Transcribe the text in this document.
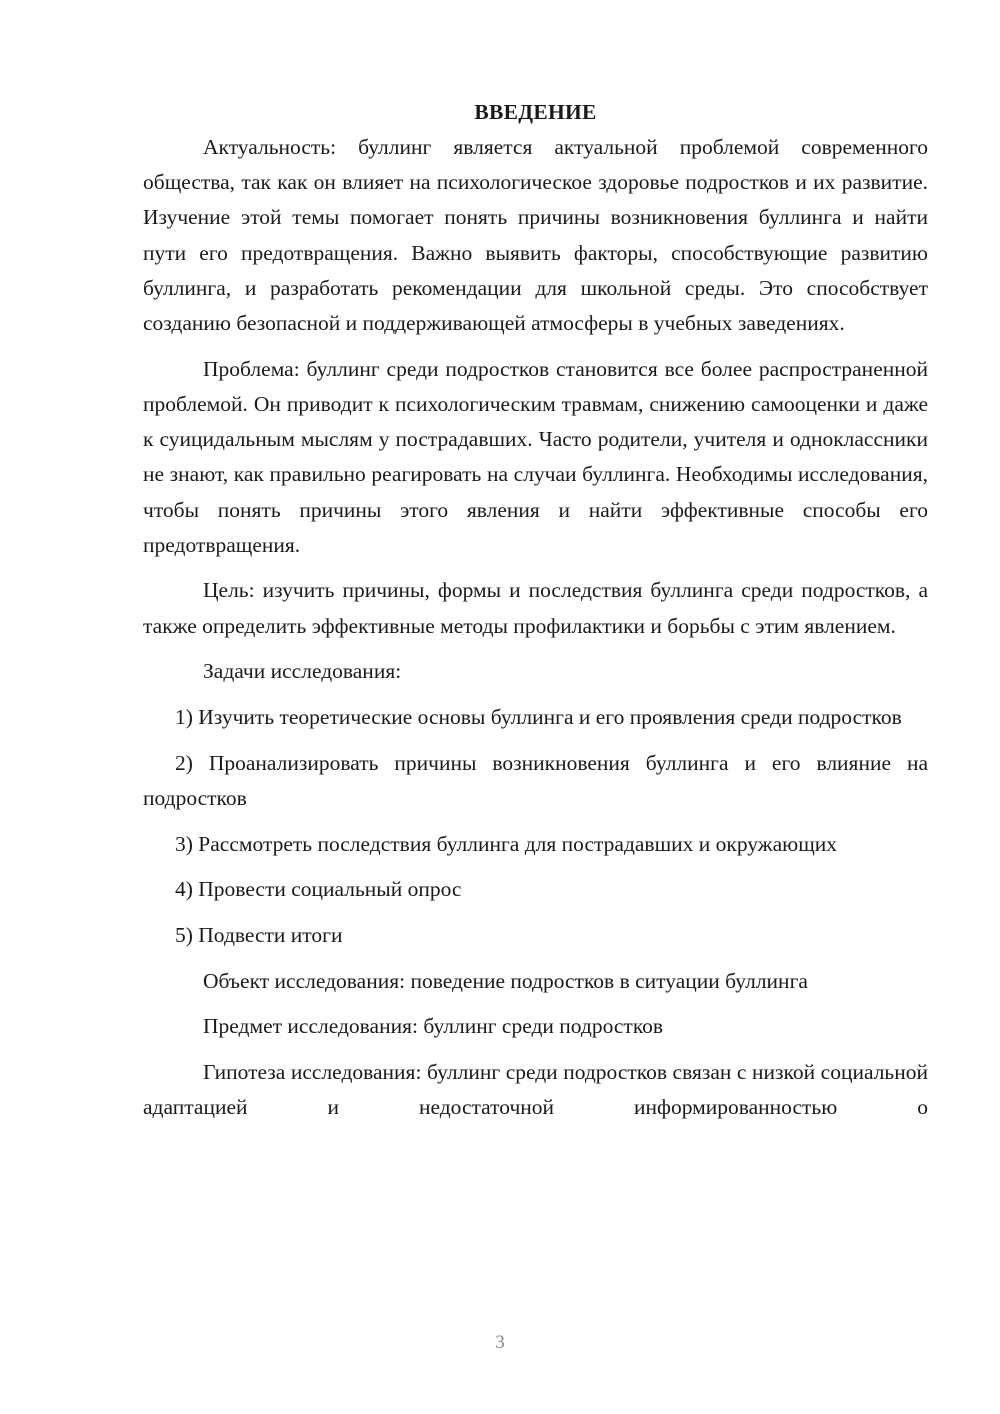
ВВЕДЕНИЕ

Актуальность: буллинг является актуальной проблемой современного общества, так как он влияет на психологическое здоровье подростков и их развитие. Изучение этой темы помогает понять причины возникновения буллинга и найти пути его предотвращения. Важно выявить факторы, способствующие развитию буллинга, и разработать рекомендации для школьной среды. Это способствует созданию безопасной и поддерживающей атмосферы в учебных заведениях.

Проблема: буллинг среди подростков становится все более распространенной проблемой. Он приводит к психологическим травмам, снижению самооценки и даже к суицидальным мыслям у пострадавших. Часто родители, учителя и одноклассники не знают, как правильно реагировать на случаи буллинга. Необходимы исследования, чтобы понять причины этого явления и найти эффективные способы его предотвращения.

Цель: изучить причины, формы и последствия буллинга среди подростков, а также определить эффективные методы профилактики и борьбы с этим явлением.

Задачи исследования:

1) Изучить теоретические основы буллинга и его проявления среди подростков

2) Проанализировать причины возникновения буллинга и его влияние на подростков

3) Рассмотреть последствия буллинга для пострадавших и окружающих

4) Провести социальный опрос

5) Подвести итоги

Объект исследования: поведение подростков в ситуации буллинга

Предмет исследования: буллинг среди подростков

Гипотеза исследования: буллинг среди подростков связан с низкой социальной адаптацией и недостаточной информированностью о

3
